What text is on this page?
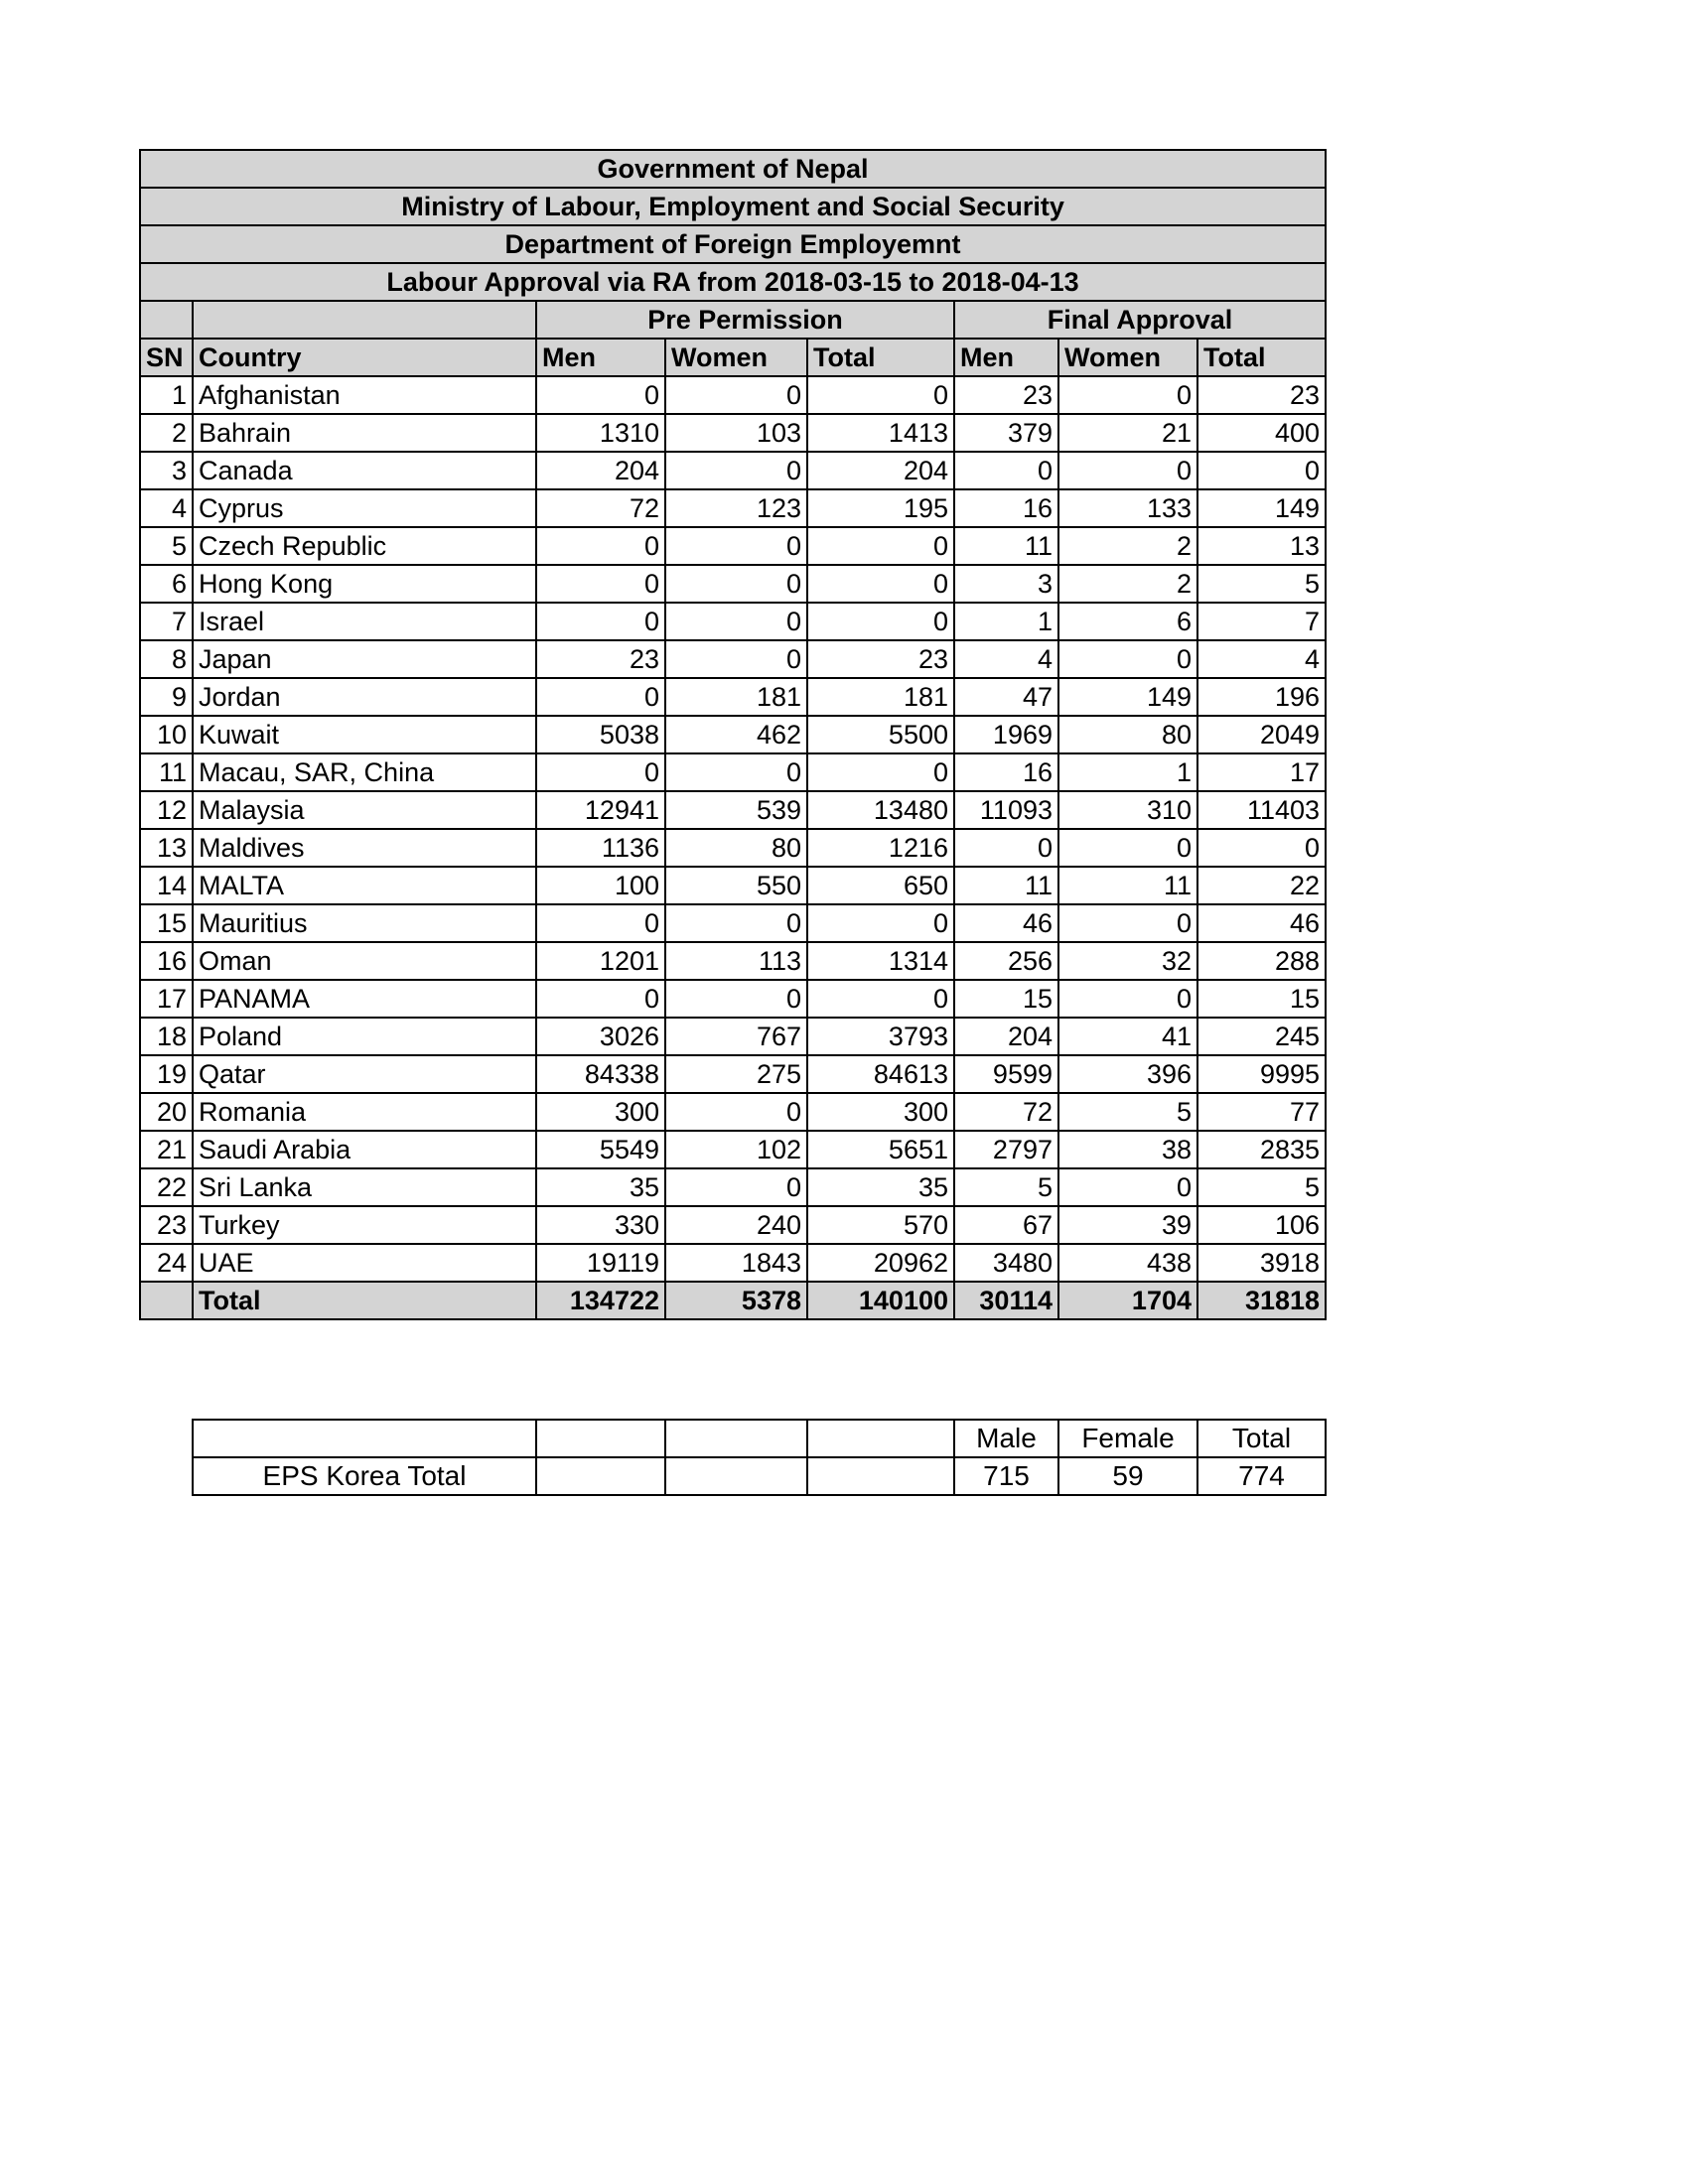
Government of Nepal							
Ministry of Labour, Employment and Social Security							
Department of Foreign Employemnt							
Labour Approval via RA from 2018-03-15 to 2018-04-13							
		Pre Permission			Final Approval		
SN	Country	Men	Women	Total	Men	Women	Total
1	Afghanistan	0	0	0	23	0	23
2	Bahrain	1310	103	1413	379	21	400
3	Canada	204	0	204	0	0	0
4	Cyprus	72	123	195	16	133	149
5	Czech Republic	0	0	0	11	2	13
6	Hong Kong	0	0	0	3	2	5
7	Israel	0	0	0	1	6	7
8	Japan	23	0	23	4	0	4
9	Jordan	0	181	181	47	149	196
10	Kuwait	5038	462	5500	1969	80	2049
11	Macau, SAR, China	0	0	0	16	1	17
12	Malaysia	12941	539	13480	11093	310	11403
13	Maldives	1136	80	1216	0	0	0
14	MALTA	100	550	650	11	11	22
15	Mauritius	0	0	0	46	0	46
16	Oman	1201	113	1314	256	32	288
17	PANAMA	0	0	0	15	0	15
18	Poland	3026	767	3793	204	41	245
19	Qatar	84338	275	84613	9599	396	9995
20	Romania	300	0	300	72	5	77
21	Saudi Arabia	5549	102	5651	2797	38	2835
22	Sri Lanka	35	0	35	5	0	5
23	Turkey	330	240	570	67	39	106
24	UAE	19119	1843	20962	3480	438	3918
	Total	134722	5378	140100	30114	1704	31818
				Male	Female	Total
EPS Korea Total				715	59	774
